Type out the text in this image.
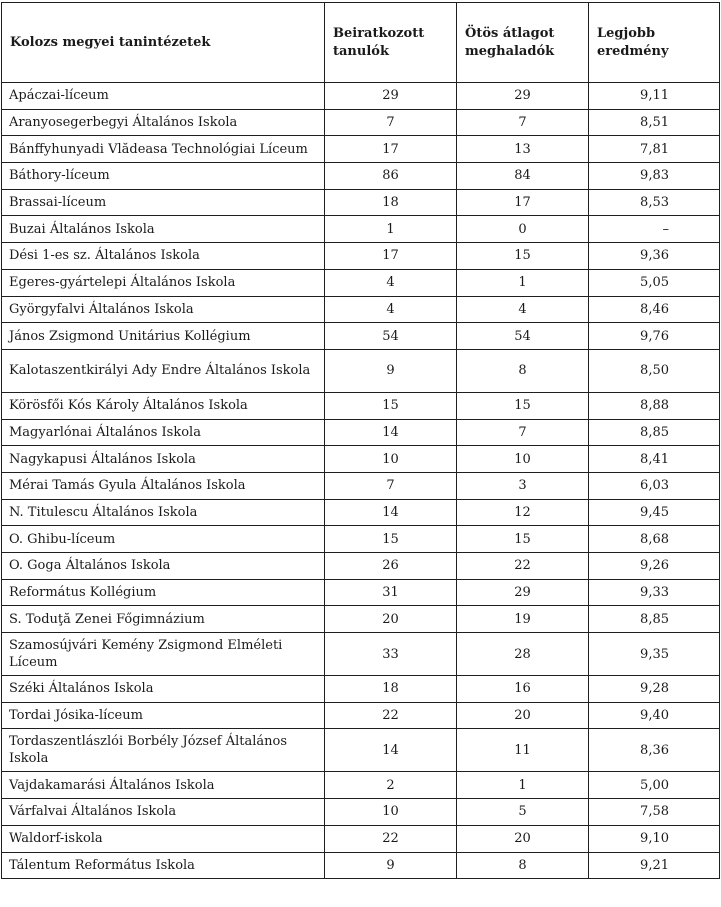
Kolozs megyei tanintézetek	Beiratkozott tanulók	Ötös átlagot meghaladók	Legjobb eredmény
Apáczai-líceum	29	29	9,11
Aranyosegerbegyi Általános Iskola	7	7	8,51
Bánffyhunyadi Vlădeasa Technológiai Líceum	17	13	7,81
Báthory-líceum	86	84	9,83
Brassai-líceum	18	17	8,53
Buzai Általános Iskola	1	0	–
Dési 1-es sz. Általános Iskola	17	15	9,36
Egeres-gyártelepi Általános Iskola	4	1	5,05
Györgyfalvi Általános Iskola	4	4	8,46
János Zsigmond Unitárius Kollégium	54	54	9,76
Kalotaszentkirályi Ady Endre Általános Iskola	9	8	8,50
Körösfői Kós Károly Általános Iskola	15	15	8,88
Magyarlónai Általános Iskola	14	7	8,85
Nagykapusi Általános Iskola	10	10	8,41
Mérai Tamás Gyula Általános Iskola	7	3	6,03
N. Titulescu Általános Iskola	14	12	9,45
O. Ghibu-líceum	15	15	8,68
O. Goga Általános Iskola	26	22	9,26
Református Kollégium	31	29	9,33
S. Toduţă Zenei Főgimnázium	20	19	8,85
Szamosújvári Kemény Zsigmond Elméleti Líceum	33	28	9,35
Széki Általános Iskola	18	16	9,28
Tordai Jósika-líceum	22	20	9,40
Tordaszentlászlói Borbély József Általános Iskola	14	11	8,36
Vajdakamarási Általános Iskola	2	1	5,00
Várfalvai Általános Iskola	10	5	7,58
Waldorf-iskola	22	20	9,10
Tálentum Református Iskola	9	8	9,21
